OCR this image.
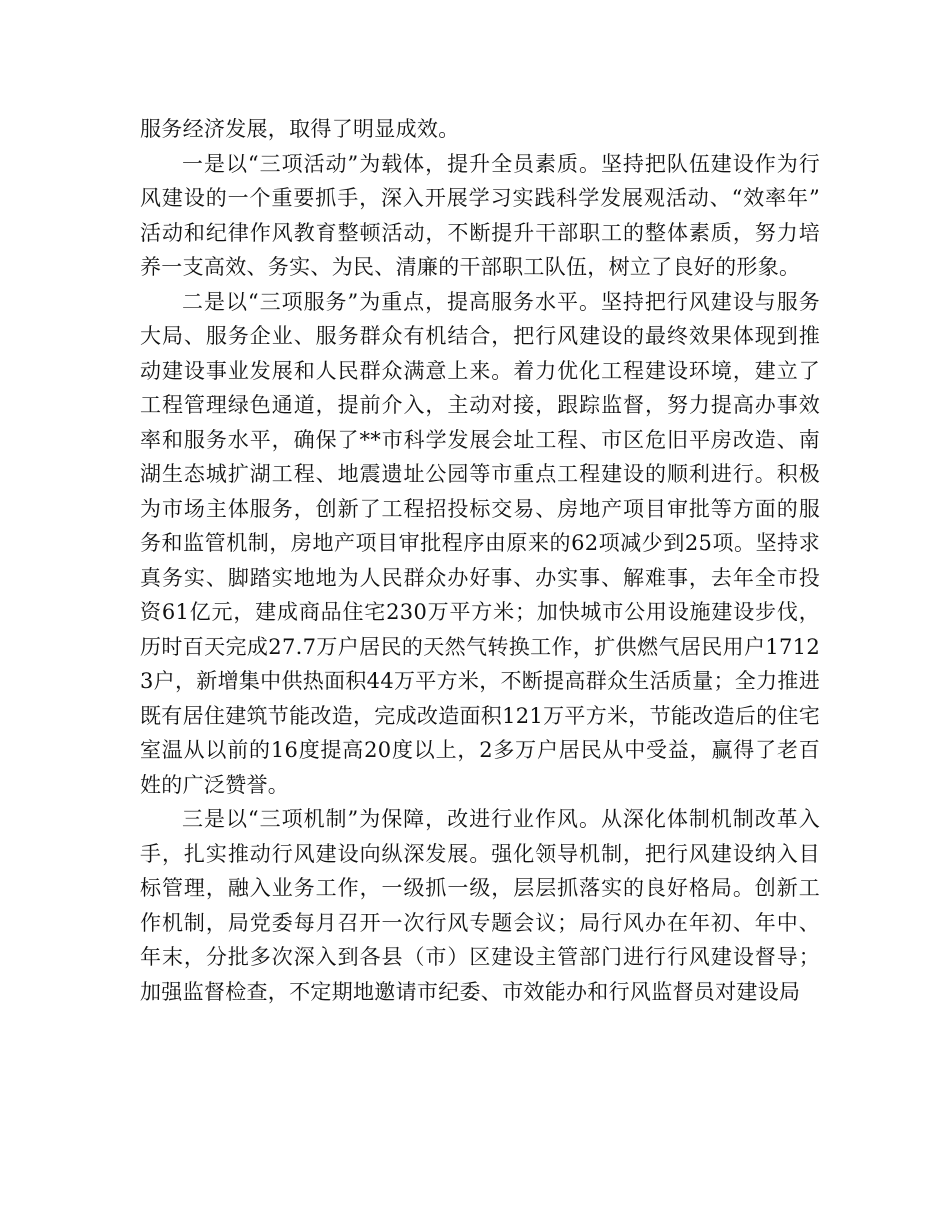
服务经济发展，取得了明显成效。

一是以“三项活动”为载体，提升全员素质。坚持把队伍建设作为行风建设的一个重要抓手，深入开展学习实践科学发展观活动、“效率年”活动和纪律作风教育整顿活动，不断提升干部职工的整体素质，努力培养一支高效、务实、为民、清廉的干部职工队伍，树立了良好的形象。

二是以“三项服务”为重点，提高服务水平。坚持把行风建设与服务大局、服务企业、服务群众有机结合，把行风建设的最终效果体现到推动建设事业发展和人民群众满意上来。着力优化工程建设环境，建立了工程管理绿色通道，提前介入，主动对接，跟踪监督，努力提高办事效率和服务水平，确保了**市科学发展会址工程、市区危旧平房改造、南湖生态城扩湖工程、地震遗址公园等市重点工程建设的顺利进行。积极为市场主体服务，创新了工程招投标交易、房地产项目审批等方面的服务和监管机制，房地产项目审批程序由原来的62项减少到25项。坚持求真务实、脚踏实地地为人民群众办好事、办实事、解难事，去年全市投资61亿元，建成商品住宅230万平方米；加快城市公用设施建设步伐，历时百天完成27.7万户居民的天然气转换工作，扩供燃气居民用户17123户，新增集中供热面积44万平方米，不断提高群众生活质量；全力推进既有居住建筑节能改造，完成改造面积121万平方米，节能改造后的住宅室温从以前的16度提高20度以上，2多万户居民从中受益，赢得了老百姓的广泛赞誉。

三是以“三项机制”为保障，改进行业作风。从深化体制机制改革入手，扎实推动行风建设向纵深发展。强化领导机制，把行风建设纳入目标管理，融入业务工作，一级抓一级，层层抓落实的良好格局。创新工作机制，局党委每月召开一次行风专题会议；局行风办在年初、年中、年末，分批多次深入到各县（市）区建设主管部门进行行风建设督导；加强监督检查，不定期地邀请市纪委、市效能办和行风监督员对建设局
